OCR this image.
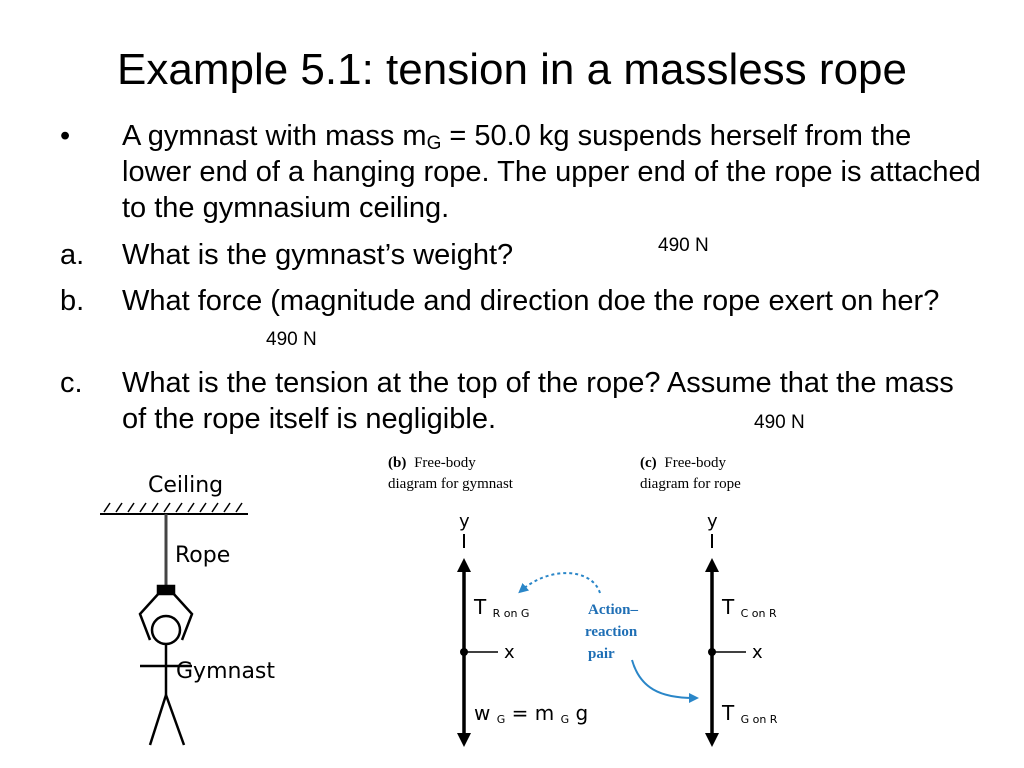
Example 5.1: tension in a massless rope
•	A gymnast with mass $m_G = 50.0$ kg suspends herself from the lower end of a hanging rope. The upper end of the rope is attached to the gymnasium ceiling.
a.	What is the gymnast’s weight?	490 N
b.	What force (magnitude and direction doe the rope exert on her?
490 N
c.	What is the tension at the top of the rope? Assume that the mass of the rope itself is negligible.	490 N
Ceiling
Rope
Gymnast
(b) Free-body
diagram for gymnast
y
x
T R on G
w G = m G g
Action–
reaction
pair
(c) Free-body
diagram for rope
y
x
T C on R
T G on R
